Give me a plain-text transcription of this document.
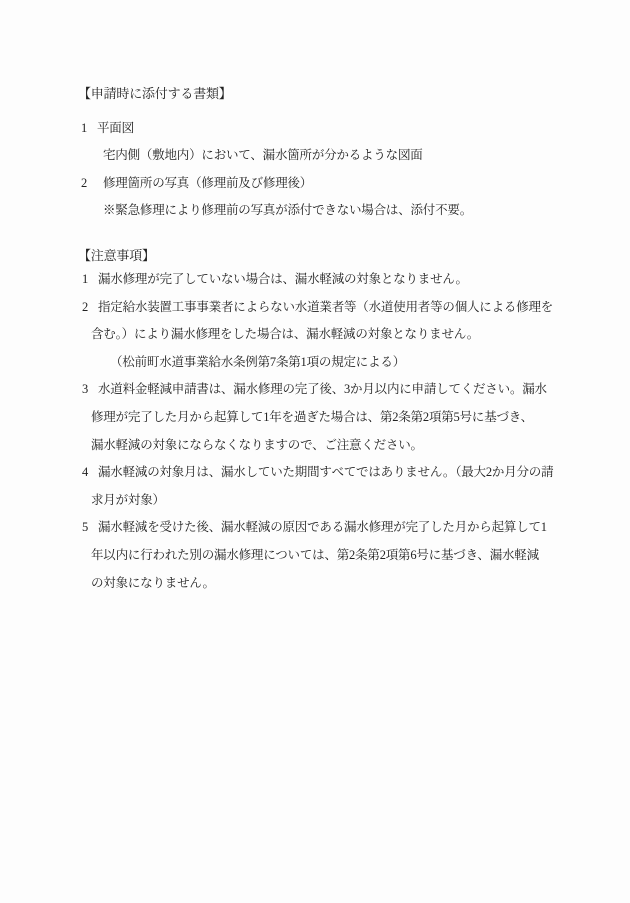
【申請時に添付する書類】
1 平面図
宅内側（敷地内）において、漏水箇所が分かるような図面
2 修理箇所の写真（修理前及び修理後）
※緊急修理により修理前の写真が添付できない場合は、添付不要。
【注意事項】
1 漏水修理が完了していない場合は、漏水軽減の対象となりません。
2 指定給水装置工事事業者によらない水道業者等（水道使用者等の個人による修理を
含む。）により漏水修理をした場合は、漏水軽減の対象となりません。
（松前町水道事業給水条例第7条第1項の規定による）
3 水道料金軽減申請書は、漏水修理の完了後、3か月以内に申請してください。漏水
修理が完了した月から起算して1年を過ぎた場合は、第2条第2項第5号に基づき、
漏水軽減の対象にならなくなりますので、ご注意ください。
4 漏水軽減の対象月は、漏水していた期間すべてではありません。（最大2か月分の請
求月が対象）
5 漏水軽減を受けた後、漏水軽減の原因である漏水修理が完了した月から起算して1
年以内に行われた別の漏水修理については、第2条第2項第6号に基づき、漏水軽減
の対象になりません。
